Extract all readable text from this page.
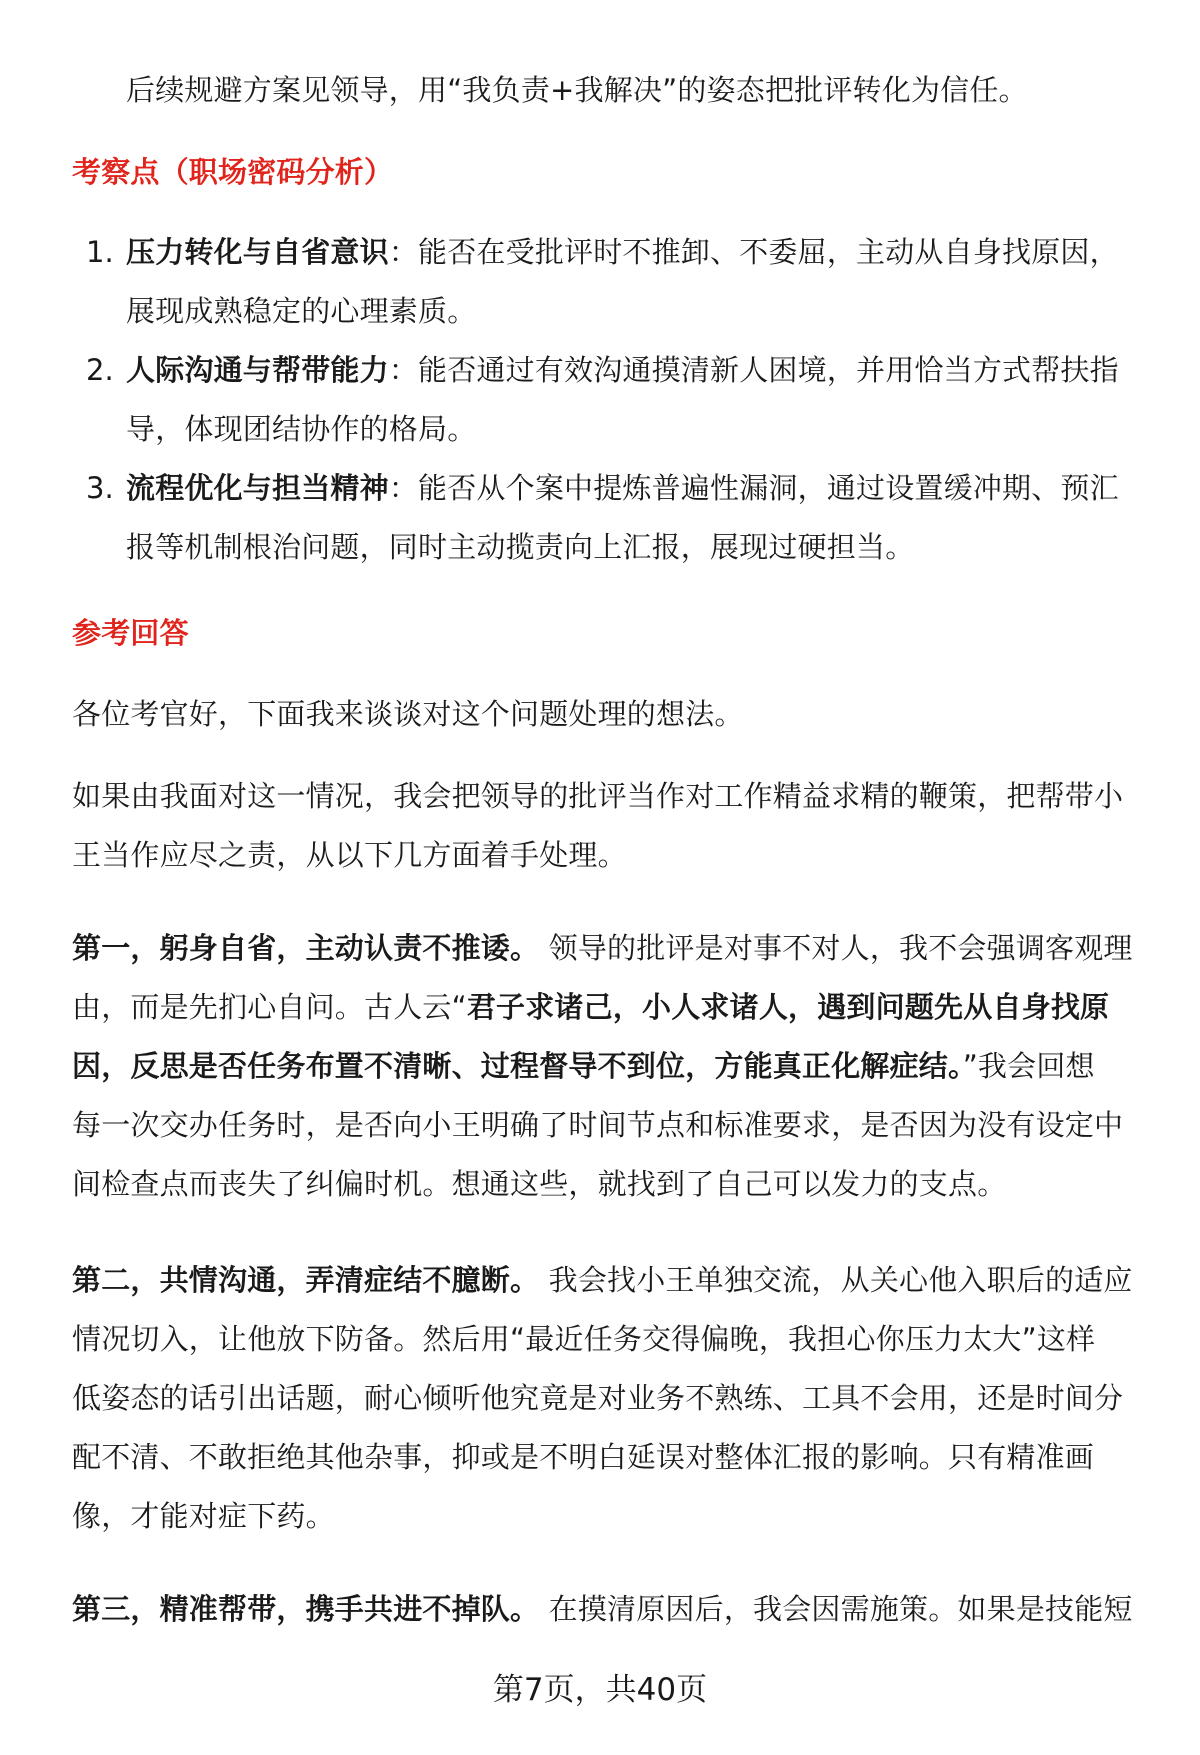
后续规避方案见领导，用“我负责+我解决”的姿态把批评转化为信任。

考察点（职场密码分析）

1. 压力转化与自省意识：能否在受批评时不推卸、不委屈，主动从自身找原因，

展现成熟稳定的心理素质。

2. 人际沟通与帮带能力：能否通过有效沟通摸清新人困境，并用恰当方式帮扶指

导，体现团结协作的格局。

3. 流程优化与担当精神：能否从个案中提炼普遍性漏洞，通过设置缓冲期、预汇

报等机制根治问题，同时主动揽责向上汇报，展现过硬担当。

参考回答

各位考官好，下面我来谈谈对这个问题处理的想法。

如果由我面对这一情况，我会把领导的批评当作对工作精益求精的鞭策，把帮带小

王当作应尽之责，从以下几方面着手处理。

第一，躬身自省，主动认责不推诿。 领导的批评是对事不对人，我不会强调客观理

由，而是先扪心自问。古人云“君子求诸己，小人求诸人，遇到问题先从自身找原

因，反思是否任务布置不清晰、过程督导不到位，方能真正化解症结。”我会回想

每一次交办任务时，是否向小王明确了时间节点和标准要求，是否因为没有设定中

间检查点而丧失了纠偏时机。想通这些，就找到了自己可以发力的支点。

第二，共情沟通，弄清症结不臆断。 我会找小王单独交流，从关心他入职后的适应

情况切入，让他放下防备。然后用“最近任务交得偏晚，我担心你压力太大”这样

低姿态的话引出话题，耐心倾听他究竟是对业务不熟练、工具不会用，还是时间分

配不清、不敢拒绝其他杂事，抑或是不明白延误对整体汇报的影响。只有精准画

像，才能对症下药。

第三，精准帮带，携手共进不掉队。 在摸清原因后，我会因需施策。如果是技能短

第7页，共40页
